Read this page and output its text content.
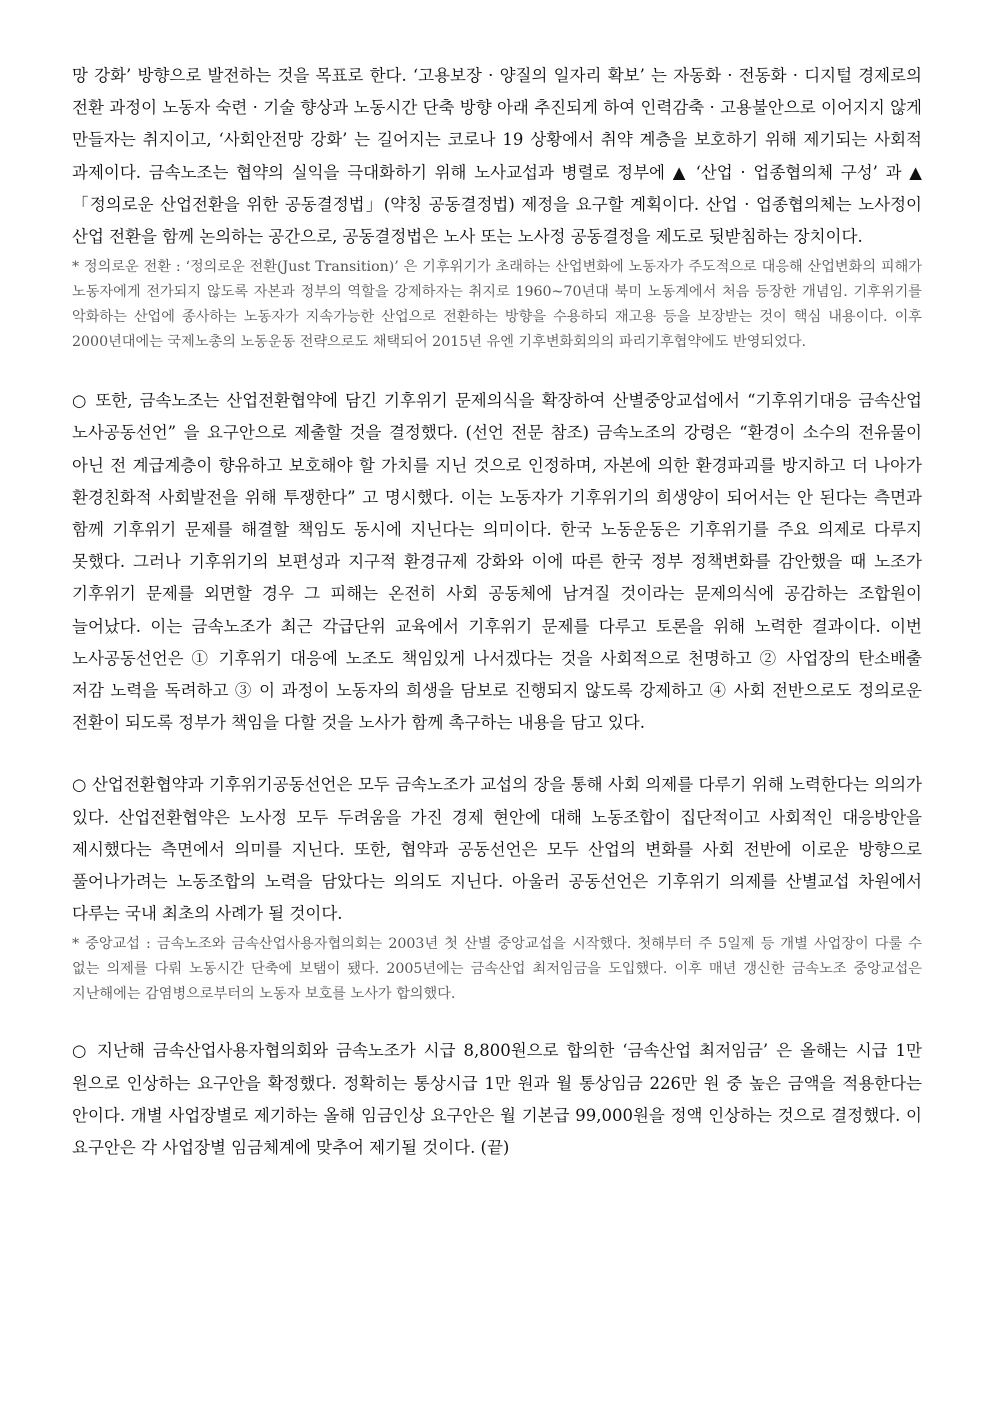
망 강화’ 방향으로 발전하는 것을 목표로 한다. ‘고용보장 · 양질의 일자리 확보’ 는 자동화 · 전동화 · 디지털 경제로의 전환 과정이 노동자 숙련 · 기술 향상과 노동시간 단축 방향 아래 추진되게 하여 인력감축 · 고용불안으로 이어지지 않게 만들자는 취지이고, ‘사회안전망 강화’ 는 길어지는 코로나 19 상황에서 취약 계층을 보호하기 위해 제기되는 사회적 과제이다. 금속노조는 협약의 실익을 극대화하기 위해 노사교섭과 병렬로 정부에 ▲ ‘산업 · 업종협의체 구성’ 과 ▲ 「정의로운 산업전환을 위한 공동결정법」(약칭 공동결정법) 제정을 요구할 계획이다. 산업 · 업종협의체는 노사정이 산업 전환을 함께 논의하는 공간으로, 공동결정법은 노사 또는 노사정 공동결정을 제도로 뒷받침하는 장치이다.

* 정의로운 전환 : ‘정의로운 전환(Just Transition)’ 은 기후위기가 초래하는 산업변화에 노동자가 주도적으로 대응해 산업변화의 피해가 노동자에게 전가되지 않도록 자본과 정부의 역할을 강제하자는 취지로 1960~70년대 북미 노동계에서 처음 등장한 개념임. 기후위기를 악화하는 산업에 종사하는 노동자가 지속가능한 산업으로 전환하는 방향을 수용하되 재고용 등을 보장받는 것이 핵심 내용이다. 이후 2000년대에는 국제노총의 노동운동 전략으로도 채택되어 2015년 유엔 기후변화회의의 파리기후협약에도 반영되었다.

○ 또한, 금속노조는 산업전환협약에 담긴 기후위기 문제의식을 확장하여 산별중앙교섭에서 “기후위기대응 금속산업 노사공동선언” 을 요구안으로 제출할 것을 결정했다. (선언 전문 참조) 금속노조의 강령은 “환경이 소수의 전유물이 아닌 전 계급계층이 향유하고 보호해야 할 가치를 지닌 것으로 인정하며, 자본에 의한 환경파괴를 방지하고 더 나아가 환경친화적 사회발전을 위해 투쟁한다” 고 명시했다. 이는 노동자가 기후위기의 희생양이 되어서는 안 된다는 측면과 함께 기후위기 문제를 해결할 책임도 동시에 지닌다는 의미이다. 한국 노동운동은 기후위기를 주요 의제로 다루지 못했다. 그러나 기후위기의 보편성과 지구적 환경규제 강화와 이에 따른 한국 정부 정책변화를 감안했을 때 노조가 기후위기 문제를 외면할 경우 그 피해는 온전히 사회 공동체에 남겨질 것이라는 문제의식에 공감하는 조합원이 늘어났다. 이는 금속노조가 최근 각급단위 교육에서 기후위기 문제를 다루고 토론을 위해 노력한 결과이다. 이번 노사공동선언은 ① 기후위기 대응에 노조도 책임있게 나서겠다는 것을 사회적으로 천명하고 ② 사업장의 탄소배출 저감 노력을 독려하고 ③ 이 과정이 노동자의 희생을 담보로 진행되지 않도록 강제하고 ④ 사회 전반으로도 정의로운 전환이 되도록 정부가 책임을 다할 것을 노사가 함께 촉구하는 내용을 담고 있다.

○ 산업전환협약과 기후위기공동선언은 모두 금속노조가 교섭의 장을 통해 사회 의제를 다루기 위해 노력한다는 의의가 있다. 산업전환협약은 노사정 모두 두려움을 가진 경제 현안에 대해 노동조합이 집단적이고 사회적인 대응방안을 제시했다는 측면에서 의미를 지닌다. 또한, 협약과 공동선언은 모두 산업의 변화를 사회 전반에 이로운 방향으로 풀어나가려는 노동조합의 노력을 담았다는 의의도 지닌다. 아울러 공동선언은 기후위기 의제를 산별교섭 차원에서 다루는 국내 최초의 사례가 될 것이다.

* 중앙교섭 : 금속노조와 금속산업사용자협의회는 2003년 첫 산별 중앙교섭을 시작했다. 첫해부터 주 5일제 등 개별 사업장이 다룰 수 없는 의제를 다뤄 노동시간 단축에 보탬이 됐다. 2005년에는 금속산업 최저임금을 도입했다. 이후 매년 갱신한 금속노조 중앙교섭은 지난해에는 감염병으로부터의 노동자 보호를 노사가 합의했다.

○ 지난해 금속산업사용자협의회와 금속노조가 시급 8,800원으로 합의한 ‘금속산업 최저임금’ 은 올해는 시급 1만 원으로 인상하는 요구안을 확정했다. 정확히는 통상시급 1만 원과 월 통상임금 226만 원 중 높은 금액을 적용한다는 안이다. 개별 사업장별로 제기하는 올해 임금인상 요구안은 월 기본급 99,000원을 정액 인상하는 것으로 결정했다. 이 요구안은 각 사업장별 임금체계에 맞추어 제기될 것이다. (끝)
